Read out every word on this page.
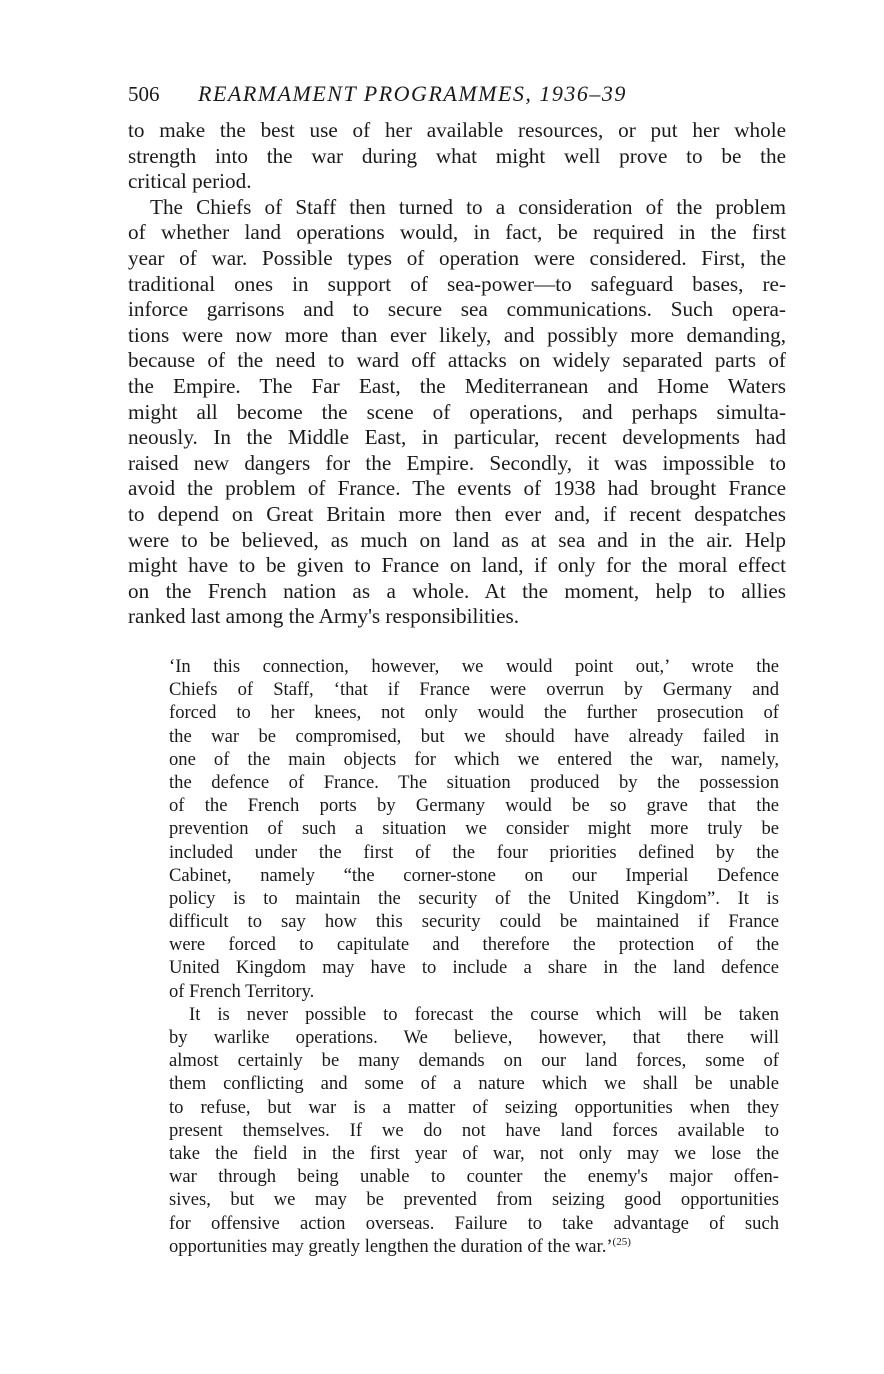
506 REARMAMENT PROGRAMMES, 1936–39
to make the best use of her available resources, or put her whole
strength into the war during what might well prove to be the
critical period.
The Chiefs of Staff then turned to a consideration of the problem
of whether land operations would, in fact, be required in the first
year of war. Possible types of operation were considered. First, the
traditional ones in support of sea-power—to safeguard bases, re-
inforce garrisons and to secure sea communications. Such opera-
tions were now more than ever likely, and possibly more demanding,
because of the need to ward off attacks on widely separated parts of
the Empire. The Far East, the Mediterranean and Home Waters
might all become the scene of operations, and perhaps simulta-
neously. In the Middle East, in particular, recent developments had
raised new dangers for the Empire. Secondly, it was impossible to
avoid the problem of France. The events of 1938 had brought France
to depend on Great Britain more then ever and, if recent despatches
were to be believed, as much on land as at sea and in the air. Help
might have to be given to France on land, if only for the moral effect
on the French nation as a whole. At the moment, help to allies
ranked last among the Army's responsibilities.
‘In this connection, however, we would point out,’ wrote the
Chiefs of Staff, ‘that if France were overrun by Germany and
forced to her knees, not only would the further prosecution of
the war be compromised, but we should have already failed in
one of the main objects for which we entered the war, namely,
the defence of France. The situation produced by the possession
of the French ports by Germany would be so grave that the
prevention of such a situation we consider might more truly be
included under the first of the four priorities defined by the
Cabinet, namely “the corner-stone on our Imperial Defence
policy is to maintain the security of the United Kingdom”. It is
difficult to say how this security could be maintained if France
were forced to capitulate and therefore the protection of the
United Kingdom may have to include a share in the land defence
of French Territory.
It is never possible to forecast the course which will be taken
by warlike operations. We believe, however, that there will
almost certainly be many demands on our land forces, some of
them conflicting and some of a nature which we shall be unable
to refuse, but war is a matter of seizing opportunities when they
present themselves. If we do not have land forces available to
take the field in the first year of war, not only may we lose the
war through being unable to counter the enemy's major offen-
sives, but we may be prevented from seizing good opportunities
for offensive action overseas. Failure to take advantage of such
opportunities may greatly lengthen the duration of the war.’$^{(25)}$
